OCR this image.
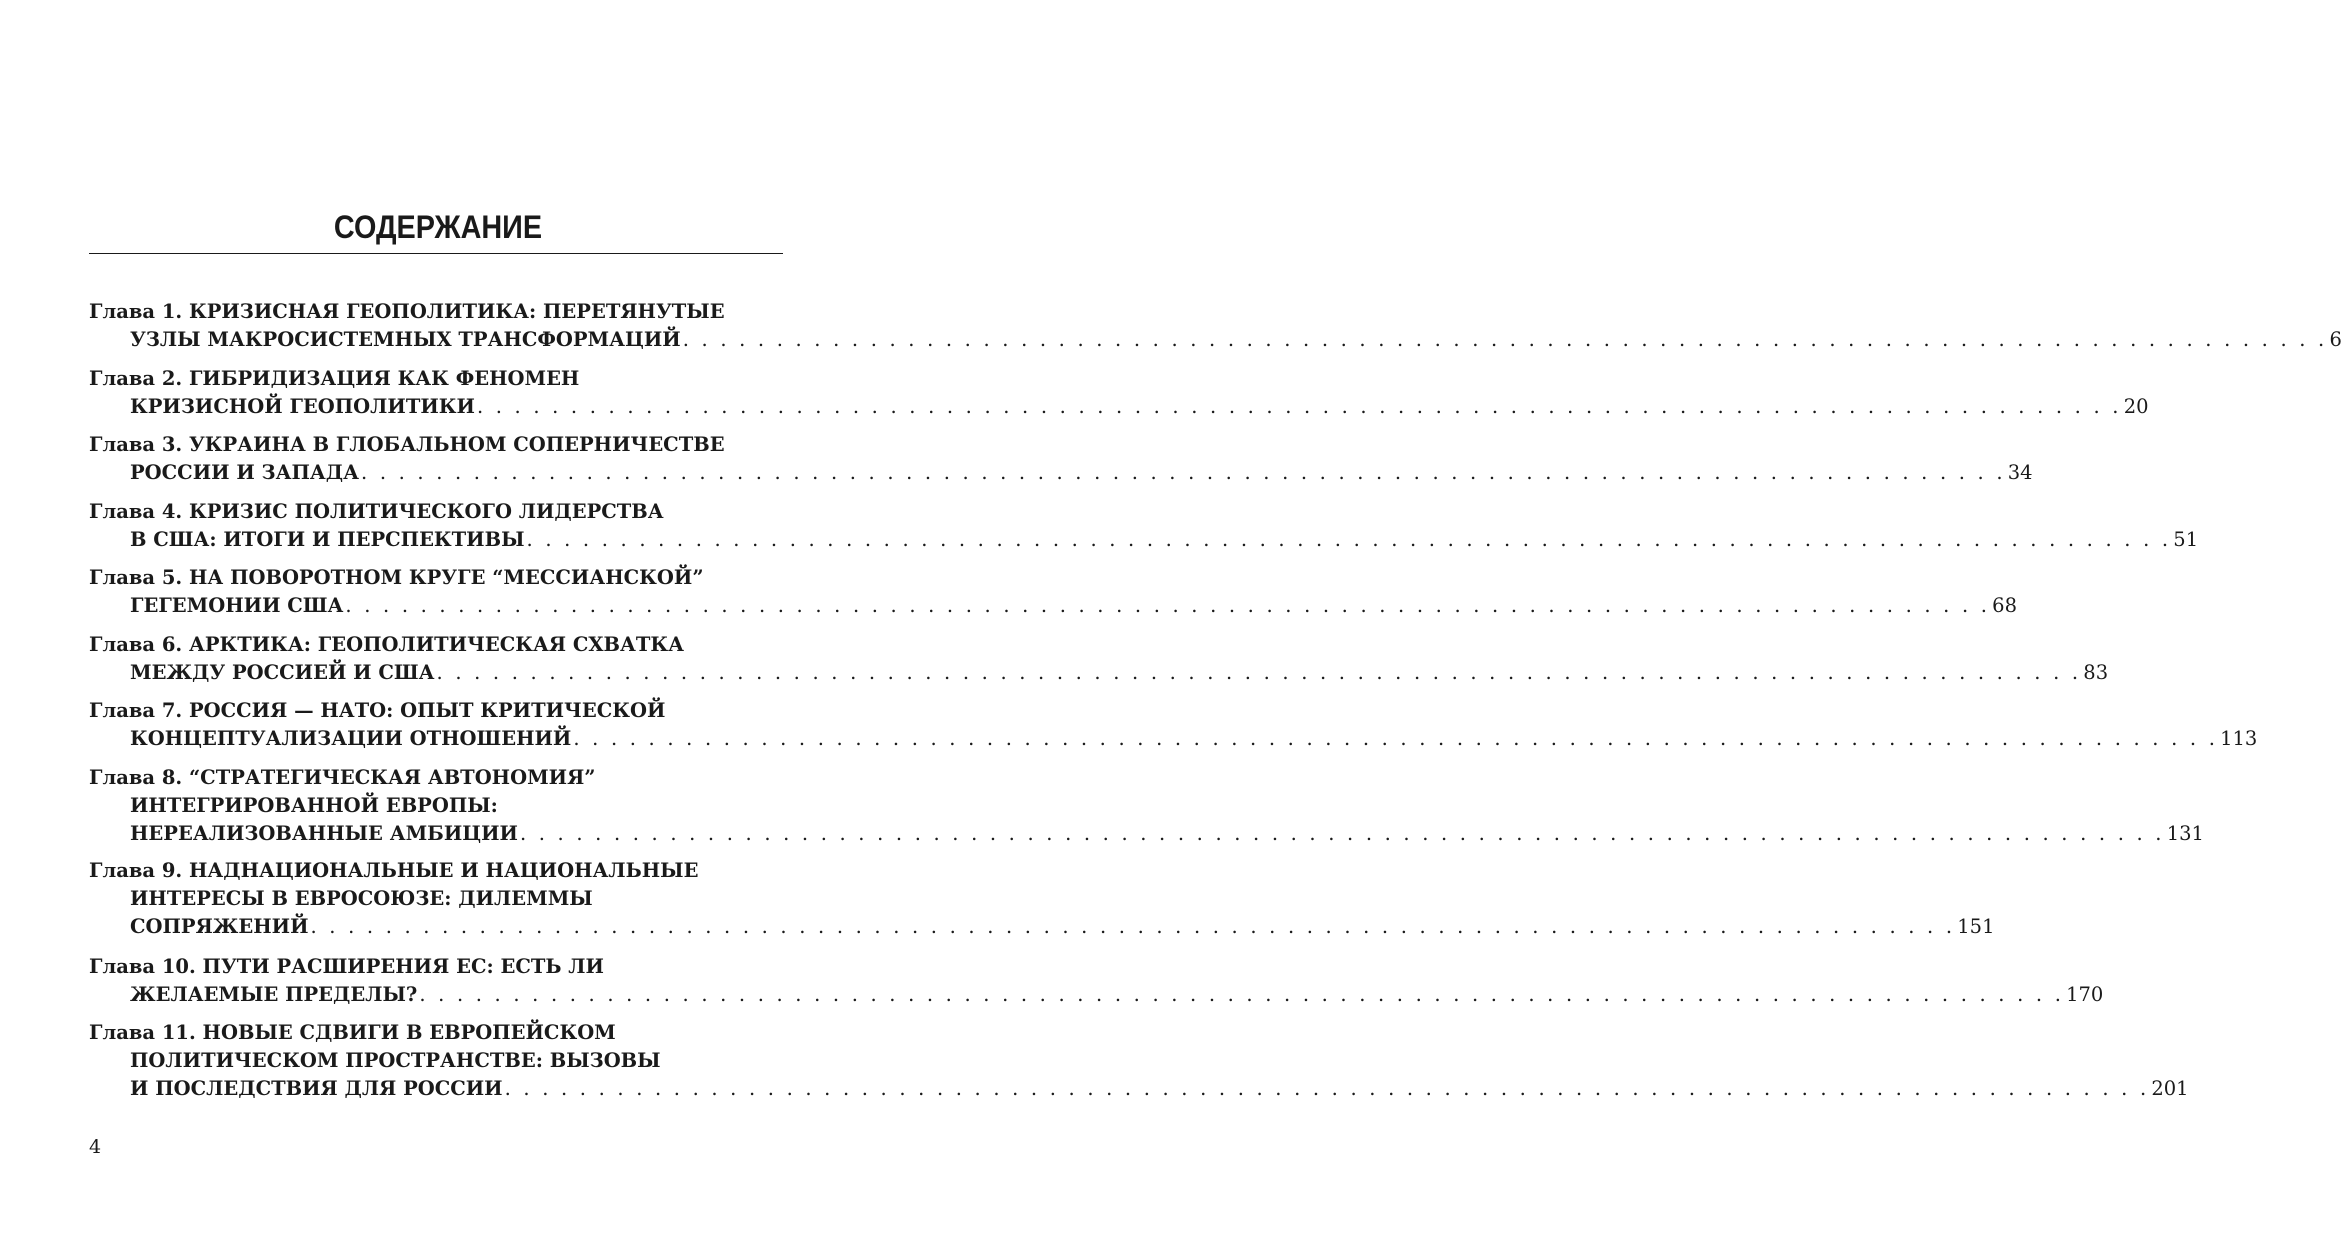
СОДЕРЖАНИЕ
Глава 1. КРИЗИСНАЯ ГЕОПОЛИТИКА: ПЕРЕТЯНУТЫЕ
УЗЛЫ МАКРОСИСТЕМНЫХ ТРАНСФОРМАЦИЙ . . . . . . . . . . . . . . . . . . . . . . . . . . . . . . . . . . . . . . . . . . . . . . . . . . . . . . . . . . . . . . . . . . . . . . . . . . . . . . . . . . . . . . . . 6
Глава 2. ГИБРИДИЗАЦИЯ КАК ФЕНОМЕН
КРИЗИСНОЙ ГЕОПОЛИТИКИ . . . . . . . . . . . . . . . . . . . . . . . . . . . . . . . . . . . . . . . . . . . . . . . . . . . . . . . . . . . . . . . . . . . . . . . . . . . . . . . . . . . . . . . . 20
Глава 3. УКРАИНА В ГЛОБАЛЬНОМ СОПЕРНИЧЕСТВЕ
РОССИИ И ЗАПАДА . . . . . . . . . . . . . . . . . . . . . . . . . . . . . . . . . . . . . . . . . . . . . . . . . . . . . . . . . . . . . . . . . . . . . . . . . . . . . . . . . . . . . . . . 34
Глава 4. КРИЗИС ПОЛИТИЧЕСКОГО ЛИДЕРСТВА
В США: ИТОГИ И ПЕРСПЕКТИВЫ . . . . . . . . . . . . . . . . . . . . . . . . . . . . . . . . . . . . . . . . . . . . . . . . . . . . . . . . . . . . . . . . . . . . . . . . . . . . . . . . . . . . . . . . 51
Глава 5. НА ПОВОРОТНОМ КРУГЕ “МЕССИАНСКОЙ”
ГЕГЕМОНИИ США . . . . . . . . . . . . . . . . . . . . . . . . . . . . . . . . . . . . . . . . . . . . . . . . . . . . . . . . . . . . . . . . . . . . . . . . . . . . . . . . . . . . . . . . 68
Глава 6. АРКТИКА: ГЕОПОЛИТИЧЕСКАЯ СХВАТКА
МЕЖДУ РОССИЕЙ И США . . . . . . . . . . . . . . . . . . . . . . . . . . . . . . . . . . . . . . . . . . . . . . . . . . . . . . . . . . . . . . . . . . . . . . . . . . . . . . . . . . . . . . . . 83
Глава 7. РОССИЯ — НАТО: ОПЫТ КРИТИЧЕСКОЙ
КОНЦЕПТУАЛИЗАЦИИ ОТНОШЕНИЙ . . . . . . . . . . . . . . . . . . . . . . . . . . . . . . . . . . . . . . . . . . . . . . . . . . . . . . . . . . . . . . . . . . . . . . . . . . . . . . . . . . . . . . . . 113
Глава 8. “СТРАТЕГИЧЕСКАЯ АВТОНОМИЯ”
ИНТЕГРИРОВАННОЙ ЕВРОПЫ:
НЕРЕАЛИЗОВАННЫЕ АМБИЦИИ . . . . . . . . . . . . . . . . . . . . . . . . . . . . . . . . . . . . . . . . . . . . . . . . . . . . . . . . . . . . . . . . . . . . . . . . . . . . . . . . . . . . . . . . 131
Глава 9. НАДНАЦИОНАЛЬНЫЕ И НАЦИОНАЛЬНЫЕ
ИНТЕРЕСЫ В ЕВРОСОЮЗЕ: ДИЛЕММЫ
СОПРЯЖЕНИЙ . . . . . . . . . . . . . . . . . . . . . . . . . . . . . . . . . . . . . . . . . . . . . . . . . . . . . . . . . . . . . . . . . . . . . . . . . . . . . . . . . . . . . . . . 151
Глава 10. ПУТИ РАСШИРЕНИЯ ЕС: ЕСТЬ ЛИ
ЖЕЛАЕМЫЕ ПРЕДЕЛЫ? . . . . . . . . . . . . . . . . . . . . . . . . . . . . . . . . . . . . . . . . . . . . . . . . . . . . . . . . . . . . . . . . . . . . . . . . . . . . . . . . . . . . . . . . 170
Глава 11. НОВЫЕ СДВИГИ В ЕВРОПЕЙСКОМ
ПОЛИТИЧЕСКОМ ПРОСТРАНСТВЕ: ВЫЗОВЫ
И ПОСЛЕДСТВИЯ ДЛЯ РОССИИ . . . . . . . . . . . . . . . . . . . . . . . . . . . . . . . . . . . . . . . . . . . . . . . . . . . . . . . . . . . . . . . . . . . . . . . . . . . . . . . . . . . . . . . . 201
4
